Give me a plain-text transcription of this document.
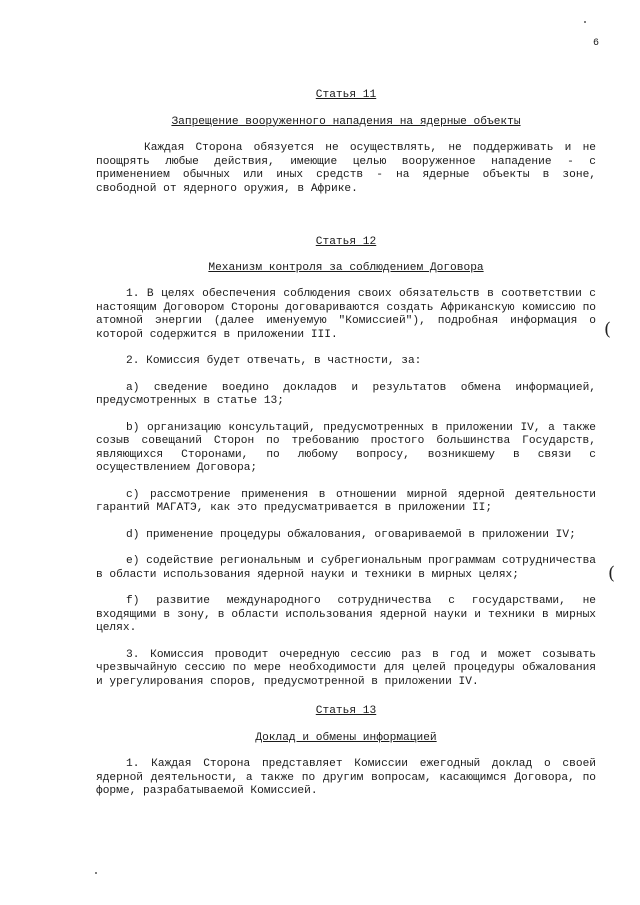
6
Статья 11
Запрещение вооруженного нападения на ядерные объекты

Каждая Сторона обязуется не осуществлять, не поддерживать и не поощрять любые действия, имеющие целью вооруженное нападение - с применением обычных или иных средств - на ядерные объекты в зоне, свободной от ядерного оружия, в Африке.

Статья 12
Механизм контроля за соблюдением Договора

1. В целях обеспечения соблюдения своих обязательств в соответствии с настоящим Договором Стороны договариваются создать Африканскую комиссию по атомной энергии (далее именуемую "Комиссией"), подробная информация о которой содержится в приложении III.

2. Комиссия будет отвечать, в частности, за:

a) сведение воедино докладов и результатов обмена информацией, предусмотренных в статье 13;

b) организацию консультаций, предусмотренных в приложении IV, а также созыв совещаний Сторон по требованию простого большинства Государств, являющихся Сторонами, по любому вопросу, возникшему в связи с осуществлением Договора;

c) рассмотрение применения в отношении мирной ядерной деятельности гарантий МАГАТЭ, как это предусматривается в приложении II;

d) применение процедуры обжалования, оговариваемой в приложении IV;

e) содействие региональным и субрегиональным программам сотрудничества в области использования ядерной науки и техники в мирных целях;

f) развитие международного сотрудничества с государствами, не входящими в зону, в области использования ядерной науки и техники в мирных целях.

3. Комиссия проводит очередную сессию раз в год и может созывать чрезвычайную сессию по мере необходимости для целей процедуры обжалования и урегулирования споров, предусмотренной в приложении IV.

Статья 13
Доклад и обмены информацией

1. Каждая Сторона представляет Комиссии ежегодный доклад о своей ядерной деятельности, а также по другим вопросам, касающимся Договора, по форме, разрабатываемой Комиссией.

(
(
